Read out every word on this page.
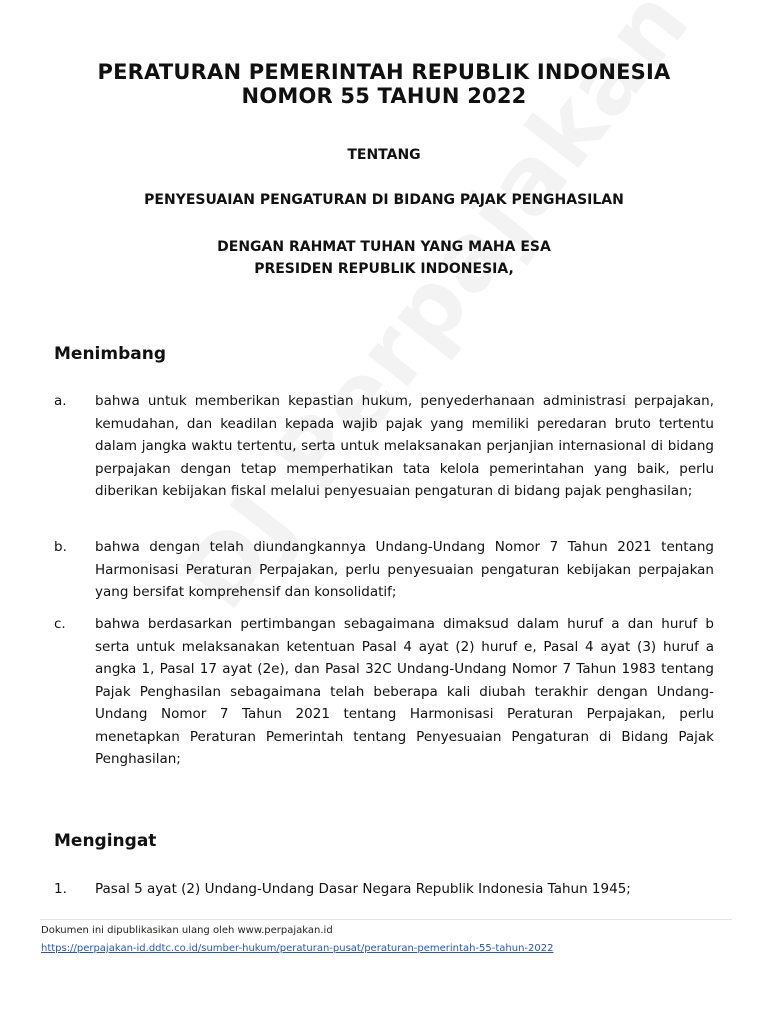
PERATURAN PEMERINTAH REPUBLIK INDONESIA
NOMOR 55 TAHUN 2022
TENTANG
PENYESUAIAN PENGATURAN DI BIDANG PAJAK PENGHASILAN
DENGAN RAHMAT TUHAN YANG MAHA ESA
PRESIDEN REPUBLIK INDONESIA,
Menimbang
a.	bahwa untuk memberikan kepastian hukum, penyederhanaan administrasi perpajakan, kemudahan, dan keadilan kepada wajib pajak yang memiliki peredaran bruto tertentu dalam jangka waktu tertentu, serta untuk melaksanakan perjanjian internasional di bidang perpajakan dengan tetap memperhatikan tata kelola pemerintahan yang baik, perlu diberikan kebijakan fiskal melalui penyesuaian pengaturan di bidang pajak penghasilan;
b.	bahwa dengan telah diundangkannya Undang-Undang Nomor 7 Tahun 2021 tentang Harmonisasi Peraturan Perpajakan, perlu penyesuaian pengaturan kebijakan perpajakan yang bersifat komprehensif dan konsolidatif;
c.	bahwa berdasarkan pertimbangan sebagaimana dimaksud dalam huruf a dan huruf b serta untuk melaksanakan ketentuan Pasal 4 ayat (2) huruf e, Pasal 4 ayat (3) huruf a angka 1, Pasal 17 ayat (2e), dan Pasal 32C Undang-Undang Nomor 7 Tahun 1983 tentang Pajak Penghasilan sebagaimana telah beberapa kali diubah terakhir dengan Undang-Undang Nomor 7 Tahun 2021 tentang Harmonisasi Peraturan Perpajakan, perlu menetapkan Peraturan Pemerintah tentang Penyesuaian Pengaturan di Bidang Pajak Penghasilan;
Mengingat
1.	Pasal 5 ayat (2) Undang-Undang Dasar Negara Republik Indonesia Tahun 1945;
Dokumen ini dipublikasikan ulang oleh www.perpajakan.id
https://perpajakan-id.ddtc.co.id/sumber-hukum/peraturan-pusat/peraturan-pemerintah-55-tahun-2022
